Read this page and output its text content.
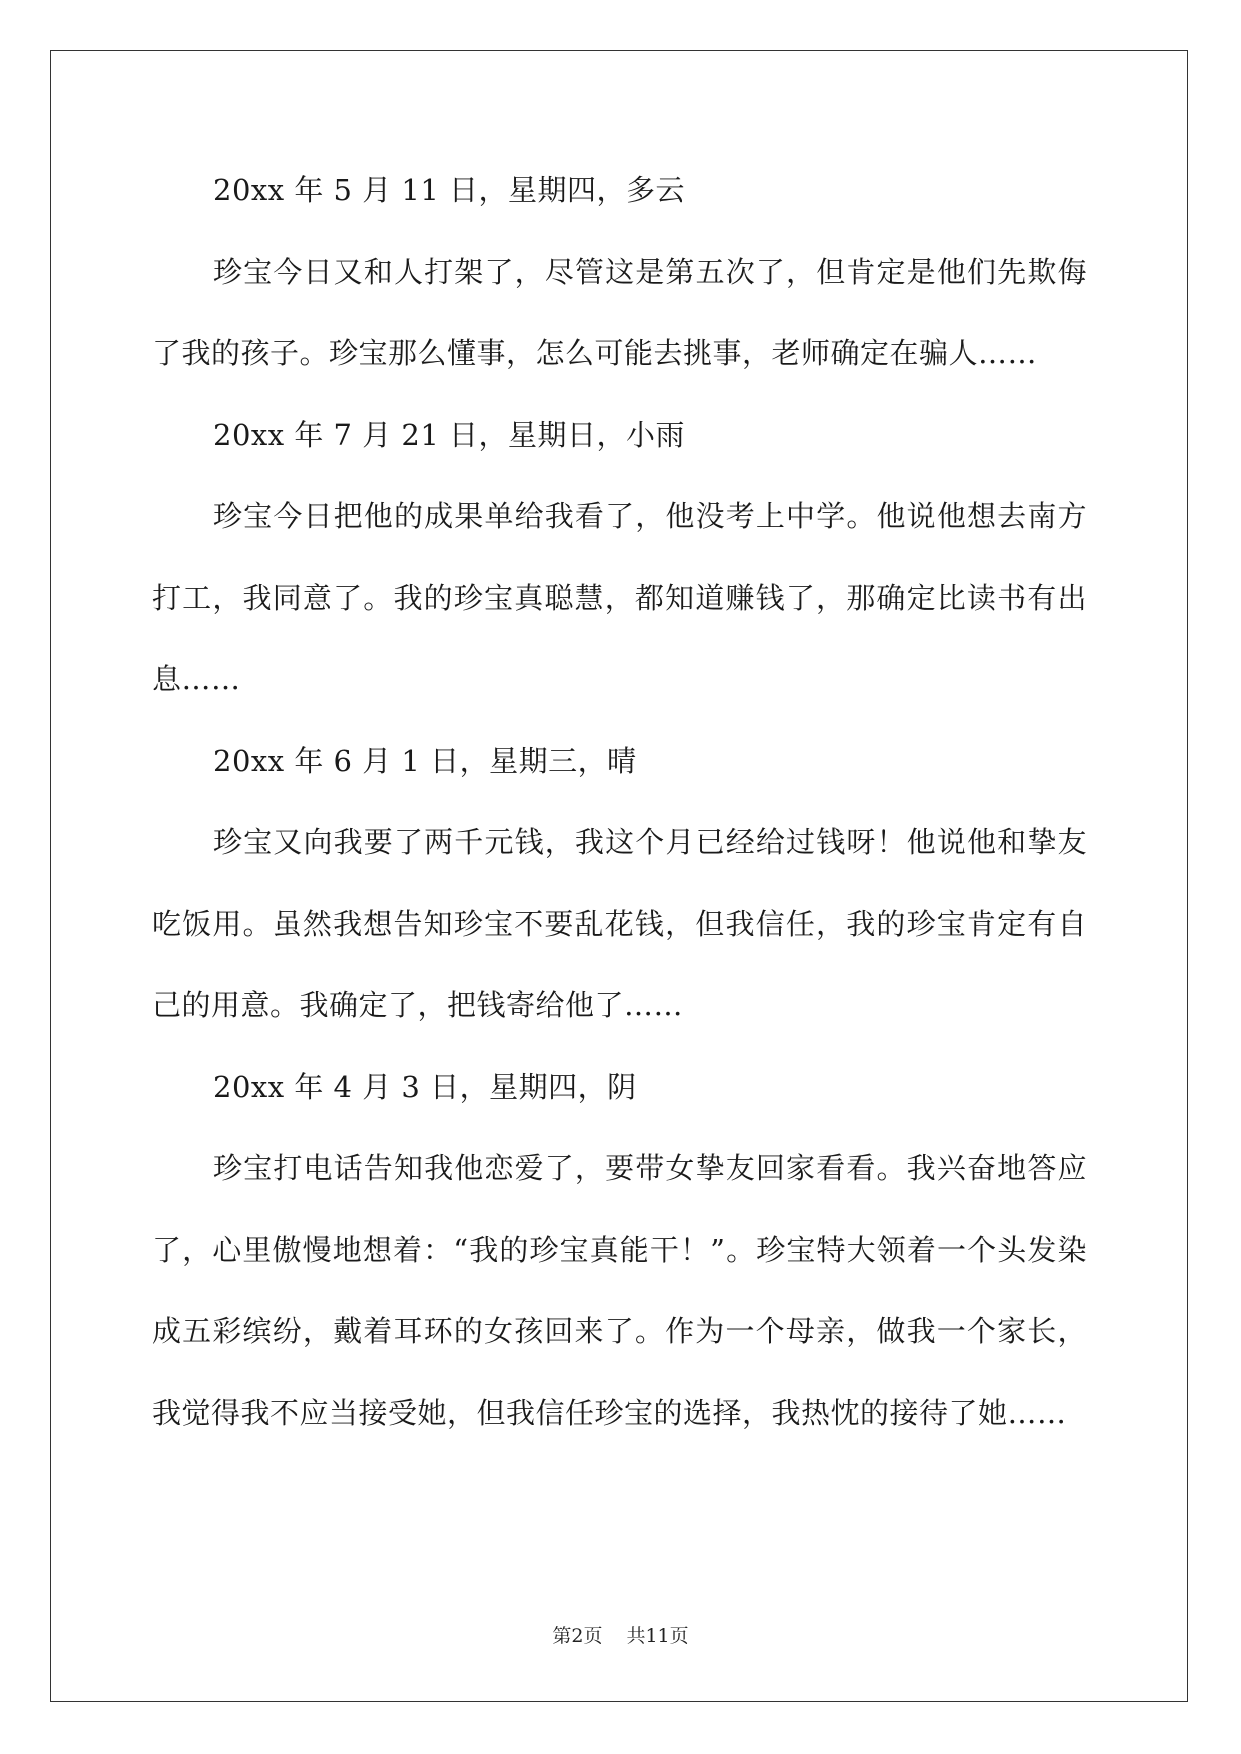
20xx 年 5 月 11 日，星期四，多云

珍宝今日又和人打架了，尽管这是第五次了，但肯定是他们先欺侮了我的孩子。珍宝那么懂事，怎么可能去挑事，老师确定在骗人……

20xx 年 7 月 21 日，星期日，小雨

珍宝今日把他的成果单给我看了，他没考上中学。他说他想去南方打工，我同意了。我的珍宝真聪慧，都知道赚钱了，那确定比读书有出息……

20xx 年 6 月 1 日，星期三，晴

珍宝又向我要了两千元钱，我这个月已经给过钱呀！他说他和挚友吃饭用。虽然我想告知珍宝不要乱花钱，但我信任，我的珍宝肯定有自己的用意。我确定了，把钱寄给他了……

20xx 年 4 月 3 日，星期四，阴

珍宝打电话告知我他恋爱了，要带女挚友回家看看。我兴奋地答应了，心里傲慢地想着：“我的珍宝真能干！”。珍宝特大领着一个头发染成五彩缤纷，戴着耳环的女孩回来了。作为一个母亲，做我一个家长，我觉得我不应当接受她，但我信任珍宝的选择，我热忱的接待了她……

第2页 共11页
